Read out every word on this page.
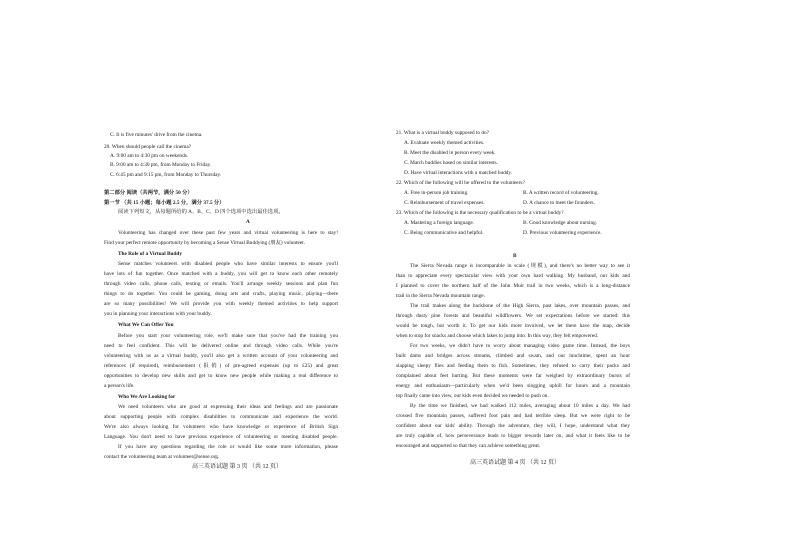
C. It is five minutes' drive from the cinema.
20. When should people call the cinema?
A. 9:00 am to 4:30 pm on weekends.
B. 9:00 am to 4:30 pm, from Monday to Friday.
C. 6:45 pm and 9:15 pm, from Monday to Thursday.
第二部分 阅读（共两节，满分 50 分）
第一节 （共 15 小题；每小题 2.5 分，满分 37.5 分）
阅读下列短文，从每题所给的 A、B、C、D 四个选项中选出最佳选项。
A
Volunteering has changed over these past few years and virtual volunteering is here to stay!
Find your perfect remote opportunity by becoming a Sense Virtual Buddying (朋友) volunteer.
The Role of a Virtual Buddy
Sense matches volunteers with disabled people who have similar interests to ensure you'll
have lots of fun together. Once matched with a buddy, you will get to know each other remotely
through video calls, phone calls, texting or emails. You'll arrange weekly sessions and plan fun
things to do together. You could be gaming, doing arts and crafts, playing music, playing—there
are so many possibilities! We will provide you with weekly themed activities to help support
you in planning your interactions with your buddy.
What We Can Offer You
Before you start your volunteering role, we'll make sure that you've had the training you
need to feel confident. This will be delivered online and through video calls. While you're
volunteering with us as a virtual buddy, you'll also get a written account of your volunteering and
references (if required), reimbursement (报销) of pre-agreed expenses (up to £25) and great
opportunities to develop new skills and get to know new people while making a real difference to
a person's life.
Who We Are Looking for
We need volunteers who are good at expressing their ideas and feelings and are passionate
about supporting people with complex disabilities to communicate and experience the world.
We're also always looking for volunteers who have knowledge or experience of British Sign
Language. You don't need to have previous experience of volunteering or meeting disabled people.
If you have any questions regarding the role or would like some more information, please
contact the volunteering team at volunteer@sense.org.
21. What is a virtual buddy supposed to do?
A. Evaluate weekly themed activities.
B. Meet the disabled in person every week.
C. Match buddies based on similar interests.
D. Have virtual interactions with a matched buddy.
22. Which of the following will be offered to the volunteers?
A. Free in-person job training.	B. A written record of volunteering.
C. Reimbursement of travel expenses.	D. A chance to meet the founders.
23. Which of the following is the necessary qualification to be a virtual buddy?
A. Mastering a foreign language.	B. Good knowledge about nursing.
C. Being communicative and helpful.	D. Previous volunteering experience.
B
The Sierra Nevada range is incomparable in scale (规模), and there's no better way to see it
than to appreciate every spectacular view with your own hard walking. My husband, our kids and
I planned to cover the northern half of the John Muir trail in two weeks, which is a long-distance
trail in the Sierra Nevada mountain range.
The trail makes along the backbone of the High Sierra, past lakes, over mountain passes, and
through dusty pine forests and beautiful wildflowers. We set expectations before we started: this
would be tough, but worth it. To get our kids more involved, we let them have the map, decide
when to stop for snacks and choose which lakes to jump into. In this way, they felt empowered.
For two weeks, we didn't have to worry about managing video game time. Instead, the boys
built dams and bridges across streams, climbed and swam, and our lunchtime, spent an hour
slapping sleepy flies and feeding them to fish. Sometimes, they refused to carry their packs and
complained about feet hurting. But these moments were far weighed by extraordinary bursts of
energy and enthusiasm—particularly when we'd been slogging uphill for hours and a mountain
top finally came into view, our kids even decided we needed to push on.
By the time we finished, we had walked 112 miles, averaging about 10 miles a day. We had
crossed five mountain passes, suffered foot pain and had terrible sleep. But we were right to be
confident about our kids' ability. Through the adventure, they will, I hope, understand what they
are truly capable of, how perseverance leads to bigger rewards later on, and what it feels like to be
encouraged and supported so that they can achieve something great.
高三英语试题 第 3 页 （共 12 页）
高三英语试题 第 4 页 （共 12 页）
